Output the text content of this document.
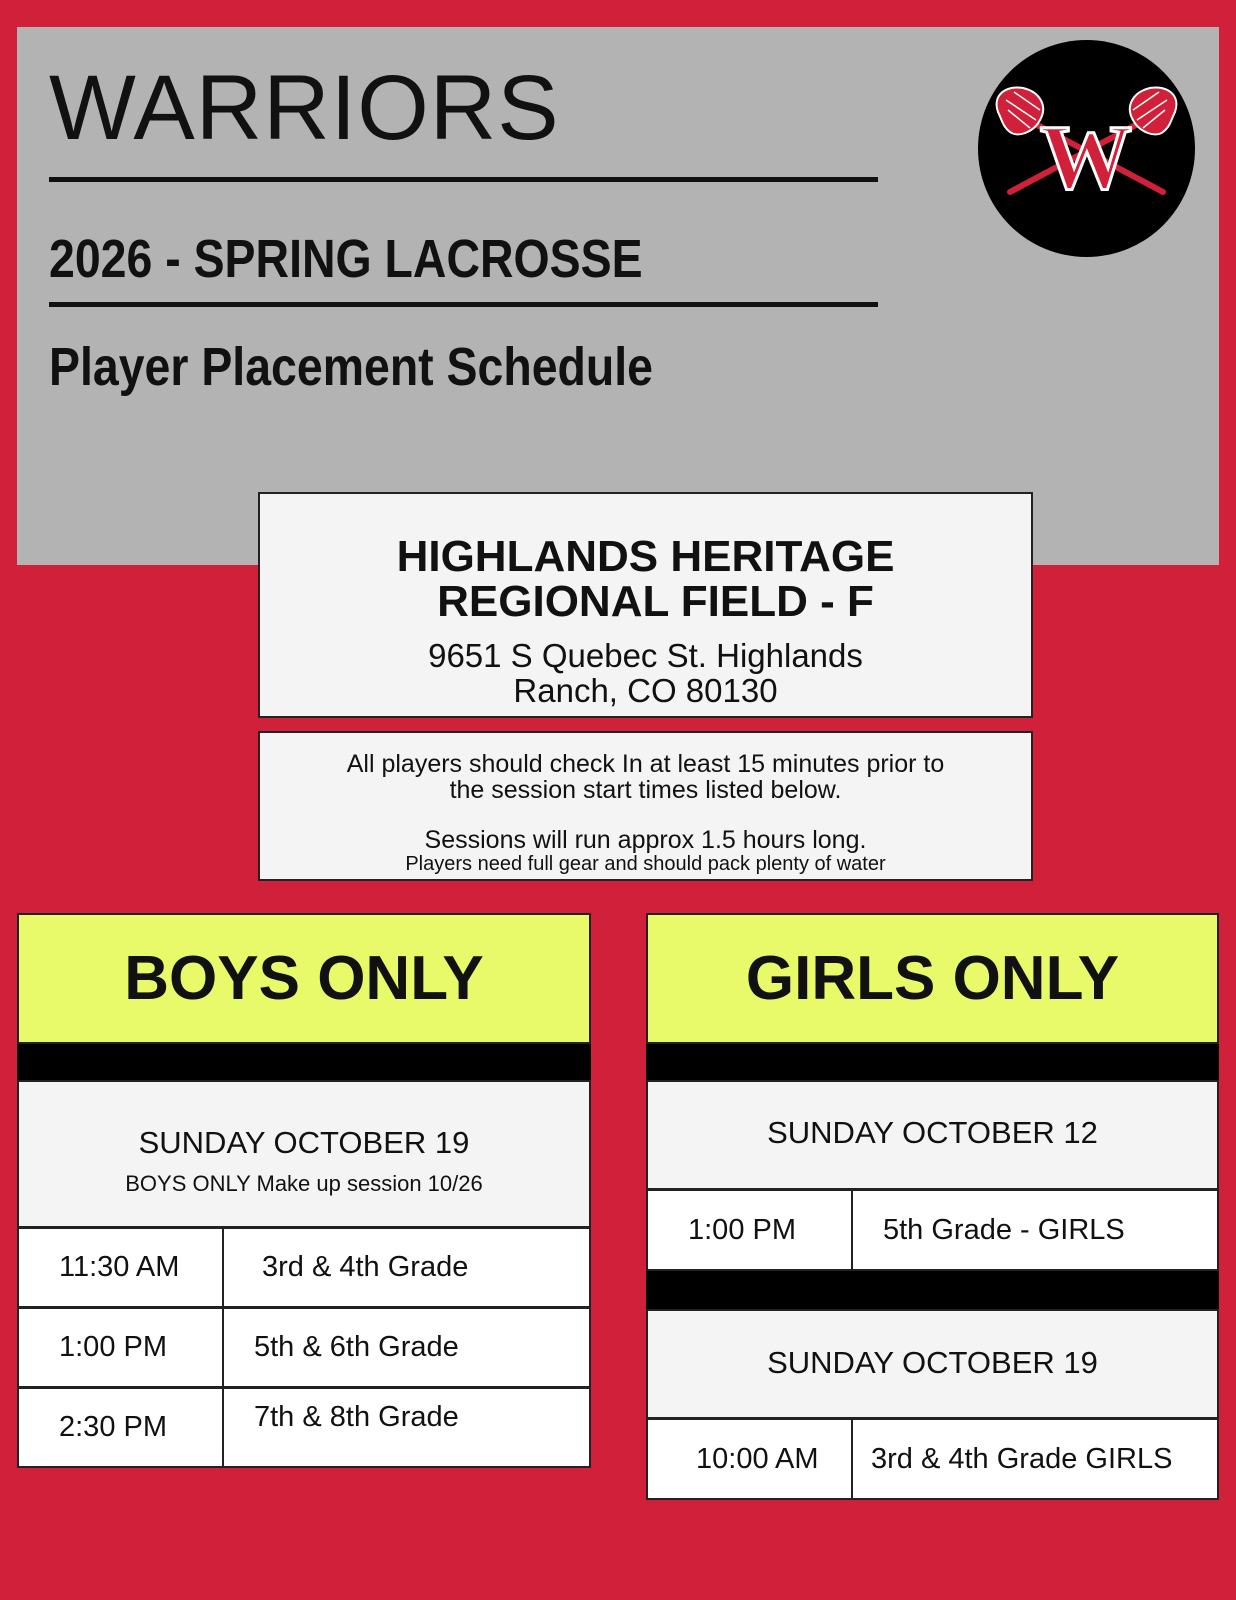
WARRIORS
2026 - SPRING LACROSSE
Player Placement Schedule
W
HIGHLANDS HERITAGE
REGIONAL FIELD - F
9651 S Quebec St. Highlands
Ranch, CO 80130
All players should check In at least 15 minutes prior to
the session start times listed below.
Sessions will run approx 1.5 hours long.
Players need full gear and should pack plenty of water
BOYS ONLY
SUNDAY OCTOBER 19
BOYS ONLY Make up session 10/26
11:30 AM	3rd & 4th Grade
1:00 PM	5th & 6th Grade
2:30 PM	7th & 8th Grade
GIRLS ONLY
SUNDAY OCTOBER 12
1:00 PM	5th Grade - GIRLS
SUNDAY OCTOBER 19
10:00 AM	3rd & 4th Grade GIRLS
